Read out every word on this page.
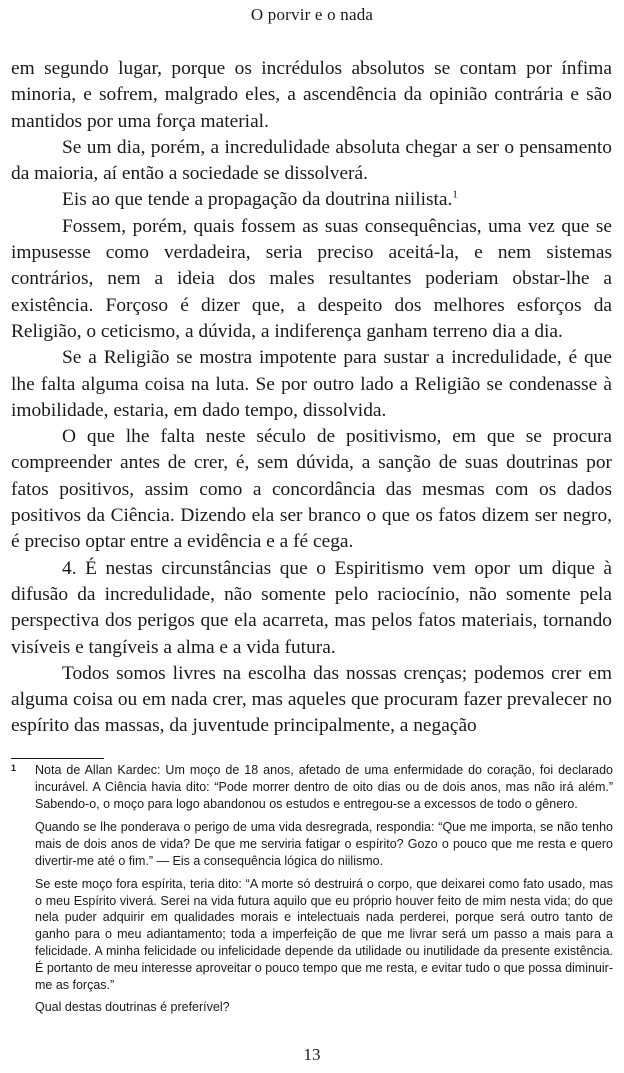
O porvir e o nada

em segundo lugar, porque os incrédulos absolutos se contam por ínfima minoria, e sofrem, malgrado eles, a ascendência da opinião contrária e são mantidos por uma força material.

Se um dia, porém, a incredulidade absoluta chegar a ser o pensamento da maioria, aí então a sociedade se dissolverá.

Eis ao que tende a propagação da doutrina niilista.$^1$

Fossem, porém, quais fossem as suas consequências, uma vez que se impusesse como verdadeira, seria preciso aceitá-la, e nem sistemas contrários, nem a ideia dos males resultantes poderiam obstar-lhe a existência. Forçoso é dizer que, a despeito dos melhores esforços da Religião, o ceticismo, a dúvida, a indiferença ganham terreno dia a dia.

Se a Religião se mostra impotente para sustar a incredulidade, é que lhe falta alguma coisa na luta. Se por outro lado a Religião se condenasse à imobilidade, estaria, em dado tempo, dissolvida.

O que lhe falta neste século de positivismo, em que se procura compreender antes de crer, é, sem dúvida, a sanção de suas doutrinas por fatos positivos, assim como a concordância das mesmas com os dados positivos da Ciência. Dizendo ela ser branco o que os fatos dizem ser negro, é preciso optar entre a evidência e a fé cega.

4. É nestas circunstâncias que o Espiritismo vem opor um dique à difusão da incredulidade, não somente pelo raciocínio, não somente pela perspectiva dos perigos que ela acarreta, mas pelos fatos materiais, tornando visíveis e tangíveis a alma e a vida futura.

Todos somos livres na escolha das nossas crenças; podemos crer em alguma coisa ou em nada crer, mas aqueles que procuram fazer prevalecer no espírito das massas, da juventude principalmente, a negação

1 Nota de Allan Kardec: Um moço de 18 anos, afetado de uma enfermidade do coração, foi declarado incurável. A Ciência havia dito: “Pode morrer dentro de oito dias ou de dois anos, mas não irá além.” Sabendo-o, o moço para logo abandonou os estudos e entregou-se a excessos de todo o gênero.

Quando se lhe ponderava o perigo de uma vida desregrada, respondia: “Que me importa, se não tenho mais de dois anos de vida? De que me serviria fatigar o espírito? Gozo o pouco que me resta e quero divertir-me até o fim.” — Eis a consequência lógica do niilismo.

Se este moço fora espírita, teria dito: “A morte só destruirá o corpo, que deixarei como fato usado, mas o meu Espírito viverá. Serei na vida futura aquilo que eu próprio houver feito de mim nesta vida; do que nela puder adquirir em qualidades morais e intelectuais nada perderei, porque será outro tanto de ganho para o meu adiantamento; toda a imperfeição de que me livrar será um passo a mais para a felicidade. A minha felicidade ou infelicidade depende da utilidade ou inutilidade da presente existência. É portanto de meu interesse aproveitar o pouco tempo que me resta, e evitar tudo o que possa diminuir-me as forças.”

Qual destas doutrinas é preferível?

13
